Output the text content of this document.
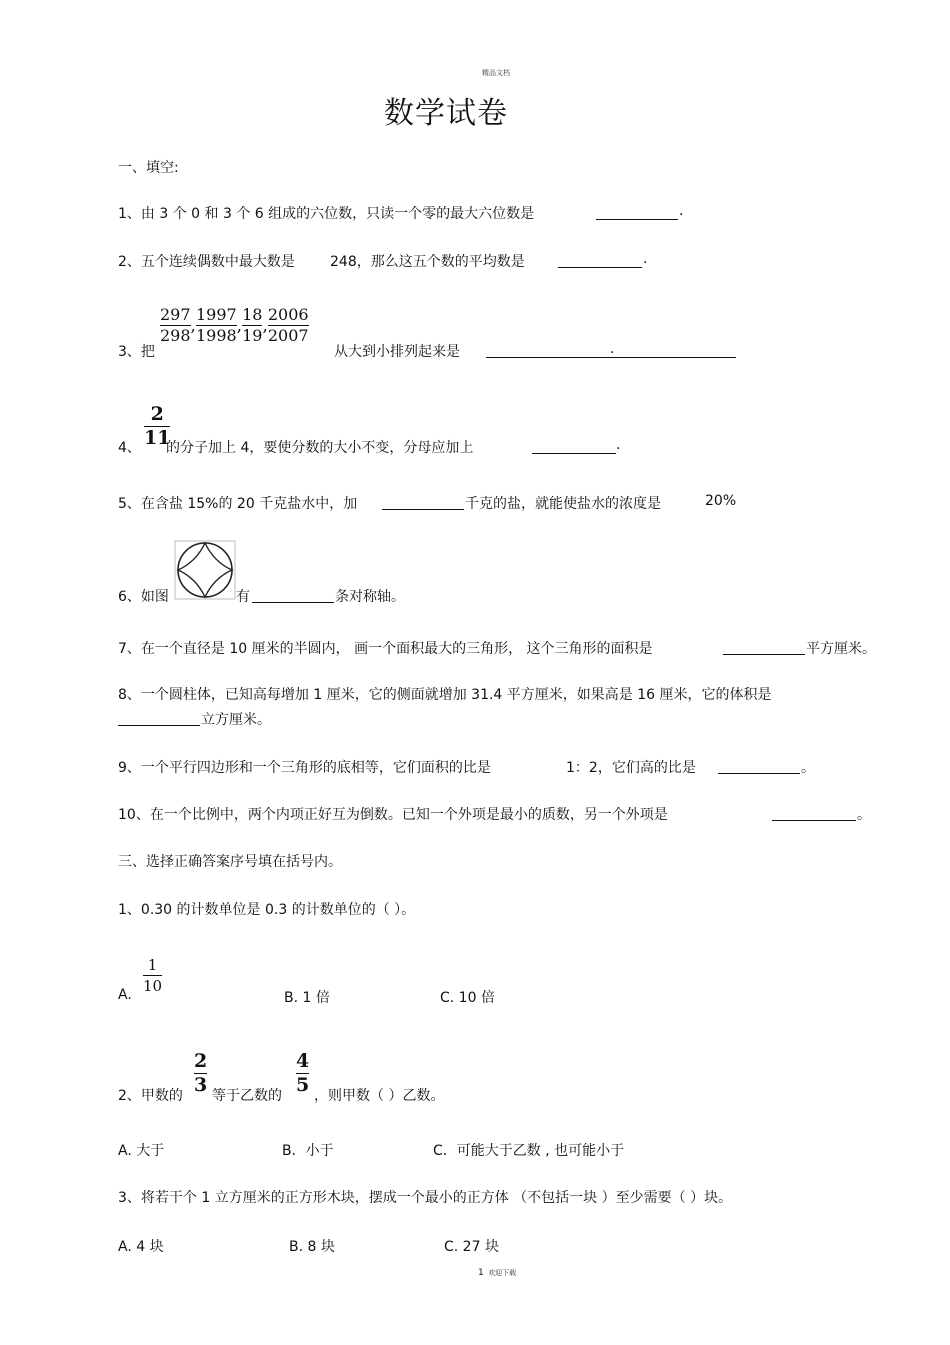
精品文档
数学试卷
一、填空:
1、由 3 个 0 和 3 个 6 组成的六位数，只读一个零的最大六位数是	.
2、五个连续偶数中最大数是	248，那么这五个数的平均数是	.
3、把
$\frac{297}{298}$ , $\frac{1997}{1998}$ , $\frac{18}{19}$ , $\frac{2006}{2007}$
从大到小排列起来是	.
4、
2
11
的分子加上 4，要使分数的大小不变，分母应加上	.
5、在含盐 15%的 20 千克盐水中，加	千克的盐，就能使盐水的浓度是	20%
6、如图	有	条对称轴。
7、在一个直径是 10 厘米的半圆内， 画一个面积最大的三角形， 这个三角形的面积是	平方厘米。
8、一个圆柱体，已知高每增加 1 厘米，它的侧面就增加 31.4 平方厘米，如果高是 16 厘米，它的体积是
立方厘米。
9、一个平行四边形和一个三角形的底相等，它们面积的比是	1：2，它们高的比是	。
10、在一个比例中，两个内项正好互为倒数。已知一个外项是最小的质数，另一个外项是	。
三、选择正确答案序号填在括号内。
1、0.30 的计数单位是 0.3 的计数单位的（ ）。
A.
1
10
B. 1 倍	C. 10 倍
2、甲数的
2
3 等于乙数的
4
5 ，则甲数（ ）乙数。
A. 大于	B．小于	C．可能大于乙数 , 也可能小于
3、将若干个 1 立方厘米的正方形木块，摆成一个最小的正方体 （不包括一块 ）至少需要（ ）块。
A. 4 块	B. 8 块	C. 27 块
1 欢迎下载
